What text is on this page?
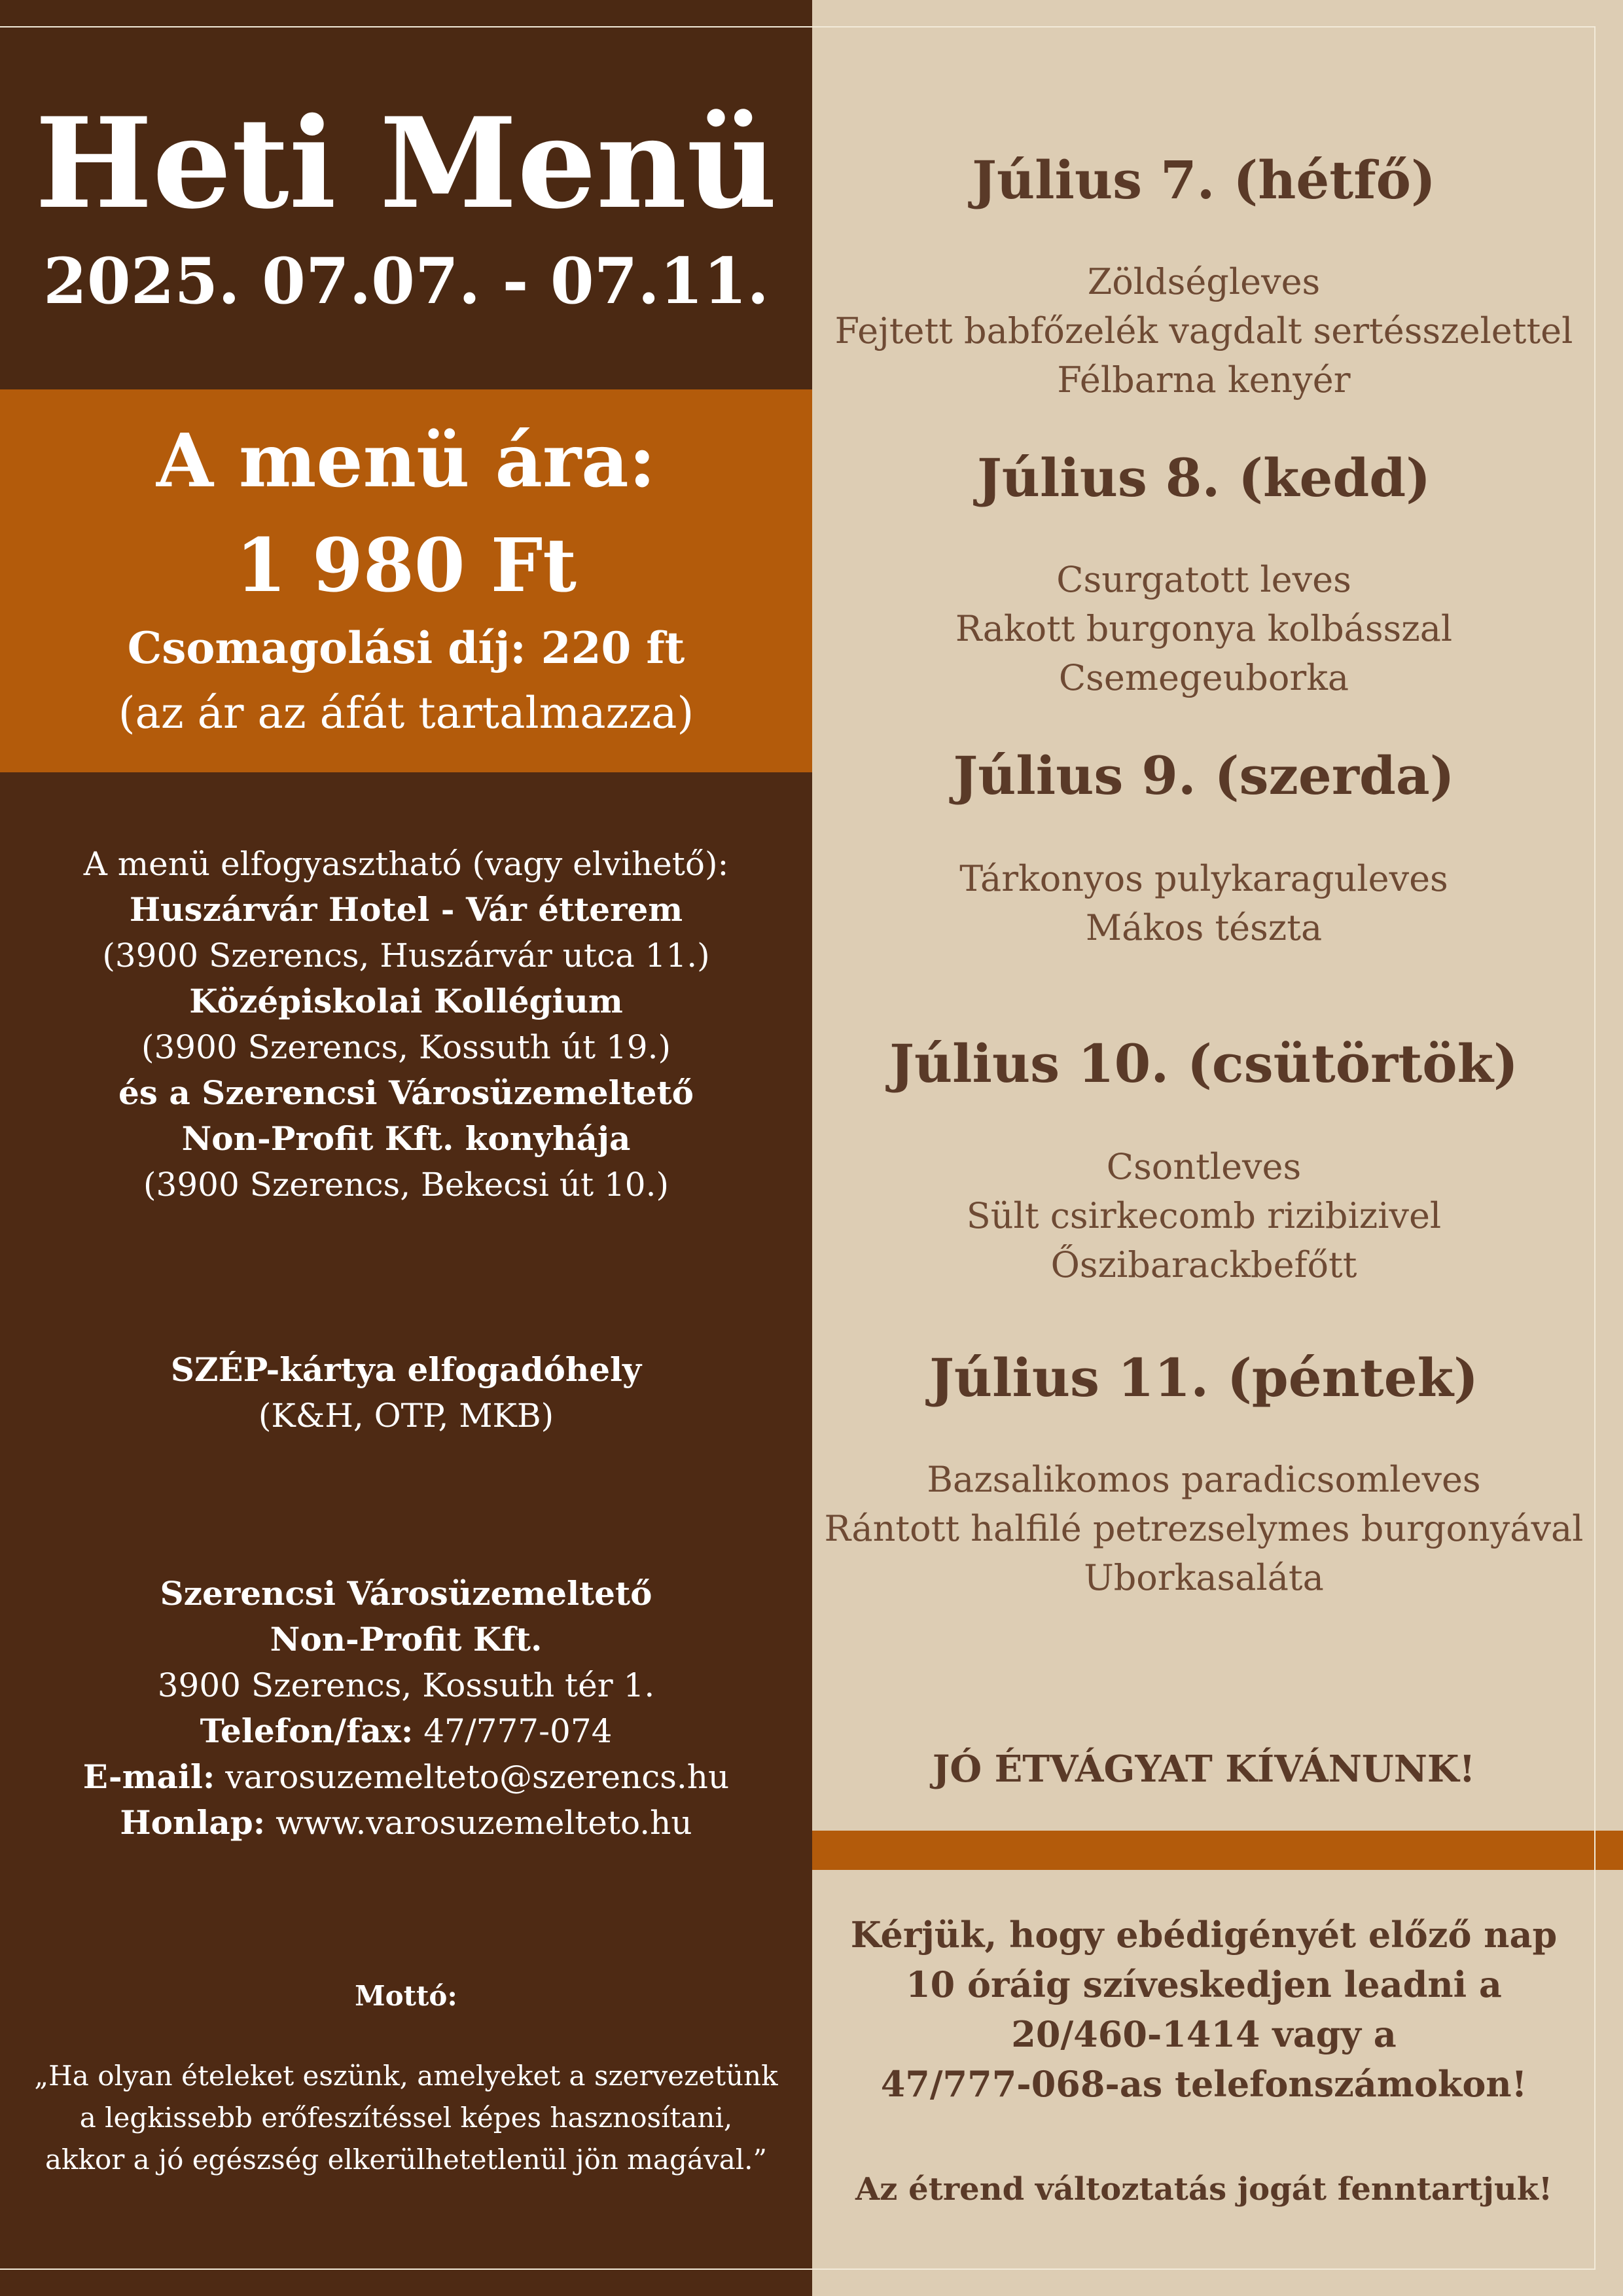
Heti Menü
2025. 07.07. - 07.11.
A menü ára:
1 980 Ft
Csomagolási díj: 220 ft
(az ár az áfát tartalmazza)
A menü elfogyasztható (vagy elvihető):
Huszárvár Hotel - Vár étterem
(3900 Szerencs, Huszárvár utca 11.)
Középiskolai Kollégium
(3900 Szerencs, Kossuth út 19.)
és a Szerencsi Városüzemeltető
Non-Profit Kft. konyhája
(3900 Szerencs, Bekecsi út 10.)
SZÉP-kártya elfogadóhely
(K&H, OTP, MKB)
Szerencsi Városüzemeltető
Non-Profit Kft.
3900 Szerencs, Kossuth tér 1.
Telefon/fax: 47/777-074
E-mail: varosuzemelteto@szerencs.hu
Honlap: www.varosuzemelteto.hu
Mottó:
„Ha olyan ételeket eszünk, amelyeket a szervezetünk
a legkissebb erőfeszítéssel képes hasznosítani,
akkor a jó egészség elkerülhetetlenül jön magával.”
Július 7. (hétfő)
Zöldségleves
Fejtett babfőzelék vagdalt sertésszelettel
Félbarna kenyér
Július 8. (kedd)
Csurgatott leves
Rakott burgonya kolbásszal
Csemegeuborka
Július 9. (szerda)
Tárkonyos pulykaraguleves
Mákos tészta
Július 10. (csütörtök)
Csontleves
Sült csirkecomb rizibizivel
Őszibarackbefőtt
Július 11. (péntek)
Bazsalikomos paradicsomleves
Rántott halfilé petrezselymes burgonyával
Uborkasaláta
JÓ ÉTVÁGYAT KÍVÁNUNK!
Kérjük, hogy ebédigényét előző nap
10 óráig szíveskedjen leadni a
20/460-1414 vagy a
47/777-068-as telefonszámokon!
Az étrend változtatás jogát fenntartjuk!
